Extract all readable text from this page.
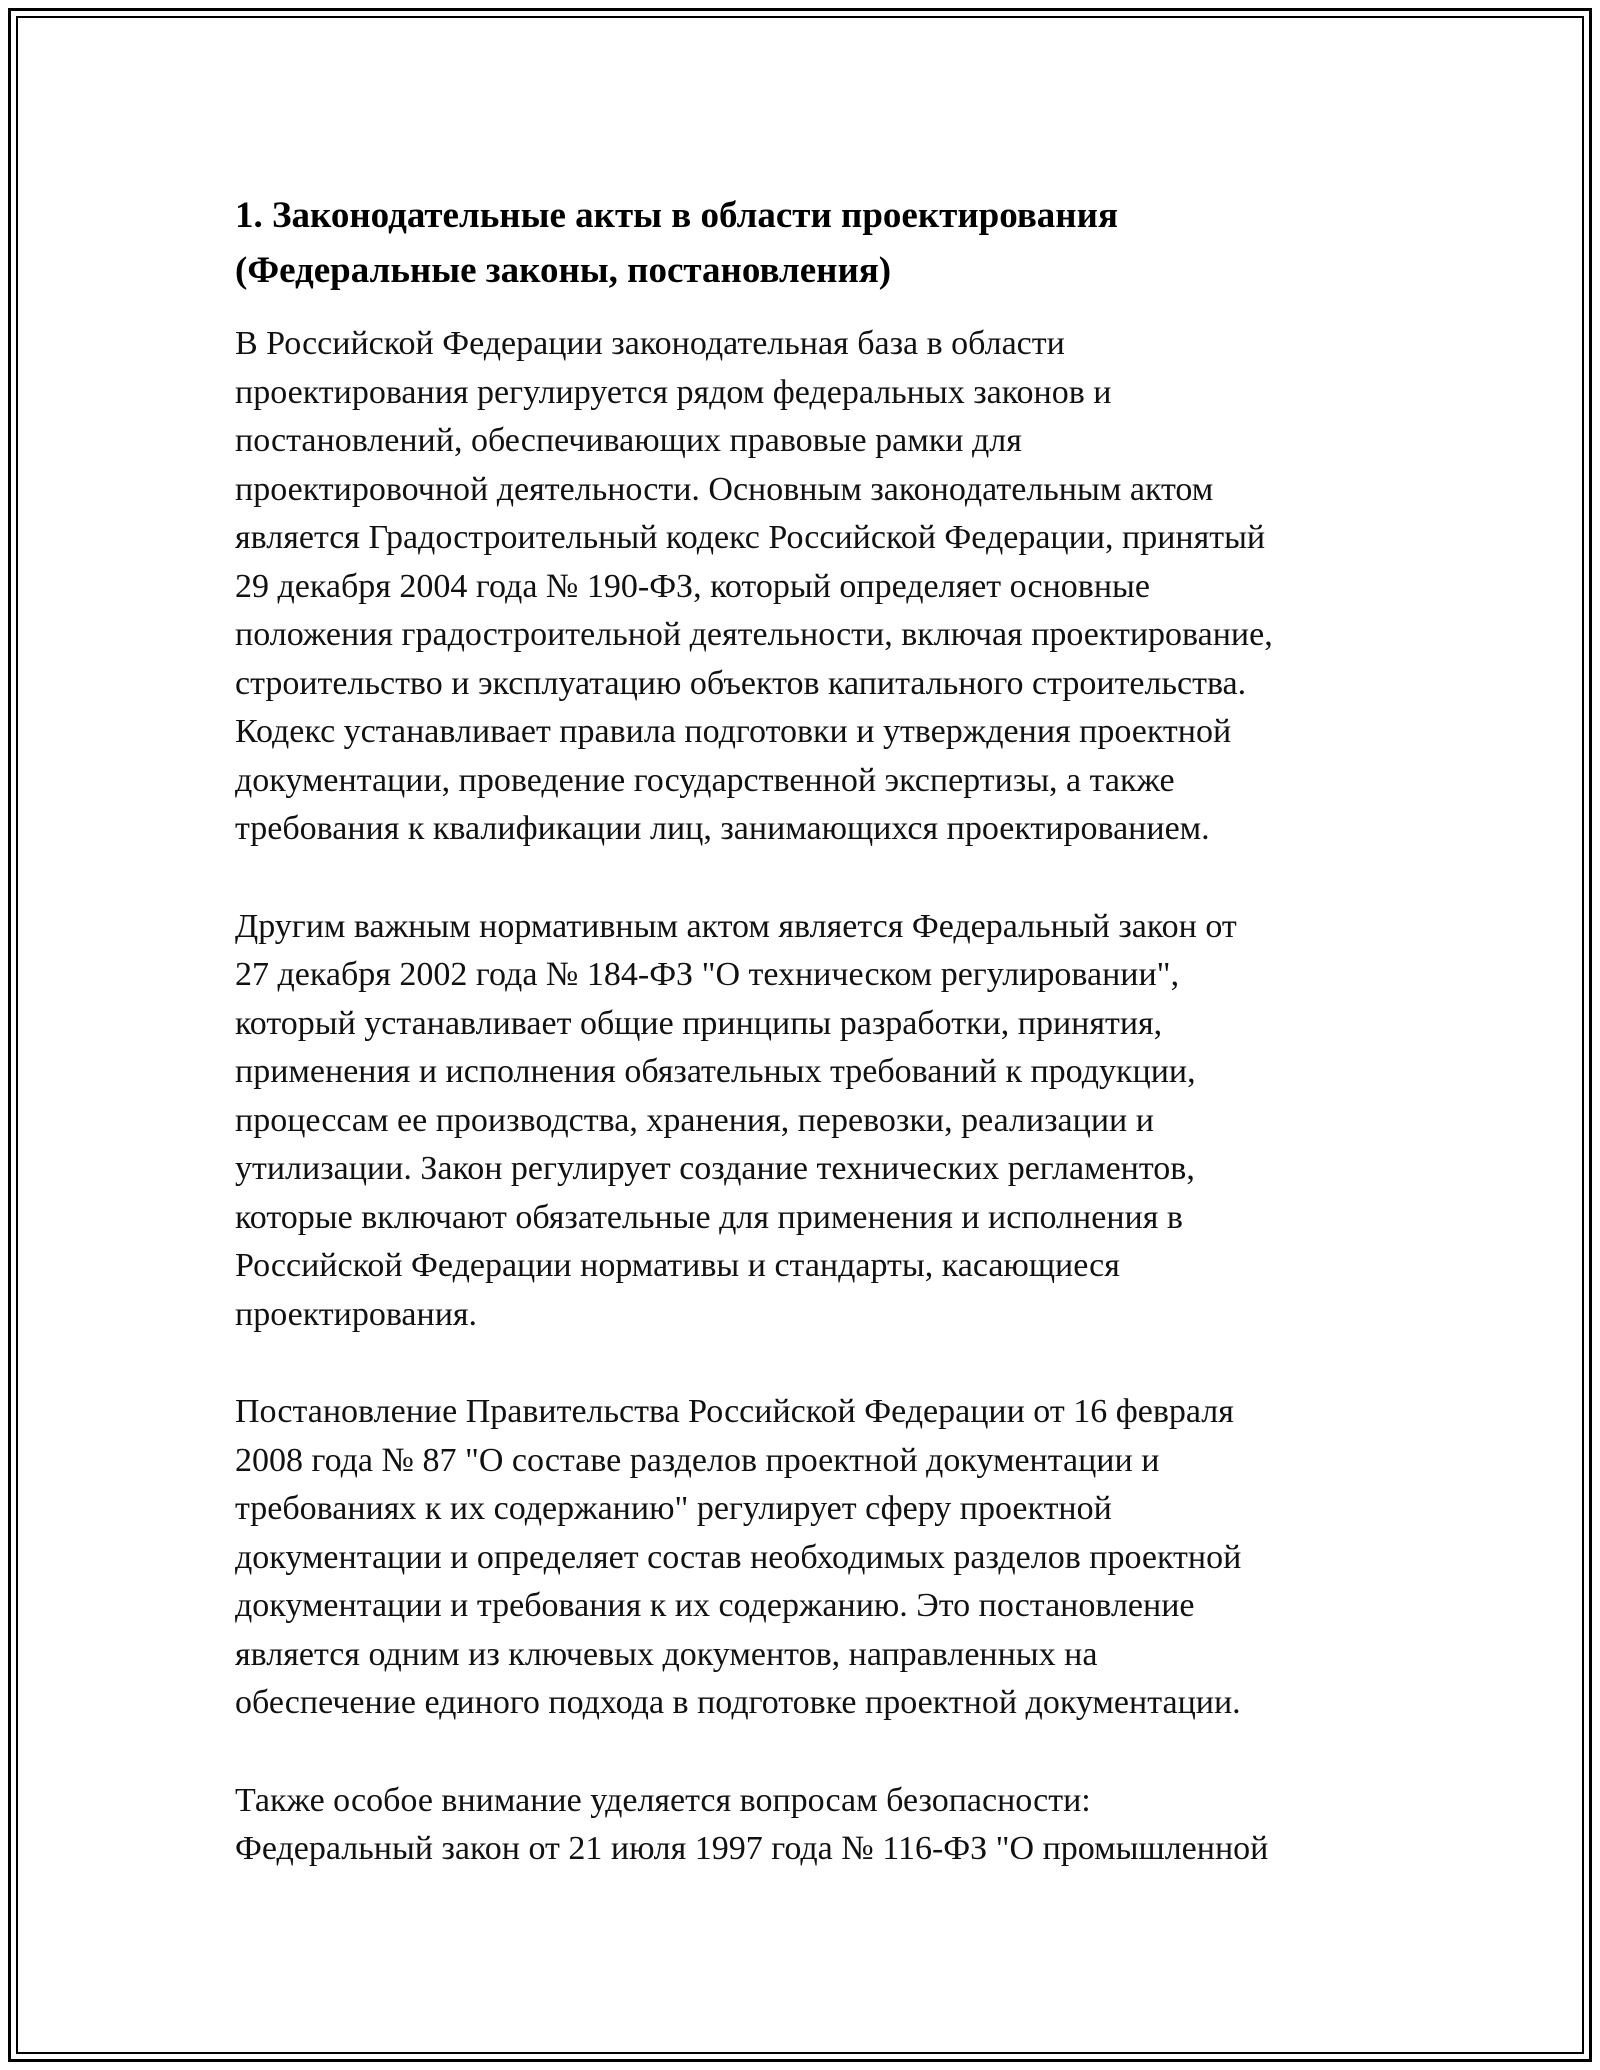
1. Законодательные акты в области проектирования
(Федеральные законы, постановления)

В Российской Федерации законодательная база в области
проектирования регулируется рядом федеральных законов и
постановлений, обеспечивающих правовые рамки для
проектировочной деятельности. Основным законодательным актом
является Градостроительный кодекс Российской Федерации, принятый
29 декабря 2004 года № 190-ФЗ, который определяет основные
положения градостроительной деятельности, включая проектирование,
строительство и эксплуатацию объектов капитального строительства.
Кодекс устанавливает правила подготовки и утверждения проектной
документации, проведение государственной экспертизы, а также
требования к квалификации лиц, занимающихся проектированием.

Другим важным нормативным актом является Федеральный закон от
27 декабря 2002 года № 184-ФЗ "О техническом регулировании",
который устанавливает общие принципы разработки, принятия,
применения и исполнения обязательных требований к продукции,
процессам ее производства, хранения, перевозки, реализации и
утилизации. Закон регулирует создание технических регламентов,
которые включают обязательные для применения и исполнения в
Российской Федерации нормативы и стандарты, касающиеся
проектирования.

Постановление Правительства Российской Федерации от 16 февраля
2008 года № 87 "О составе разделов проектной документации и
требованиях к их содержанию" регулирует сферу проектной
документации и определяет состав необходимых разделов проектной
документации и требования к их содержанию. Это постановление
является одним из ключевых документов, направленных на
обеспечение единого подхода в подготовке проектной документации.

Также особое внимание уделяется вопросам безопасности:
Федеральный закон от 21 июля 1997 года № 116-ФЗ "О промышленной
